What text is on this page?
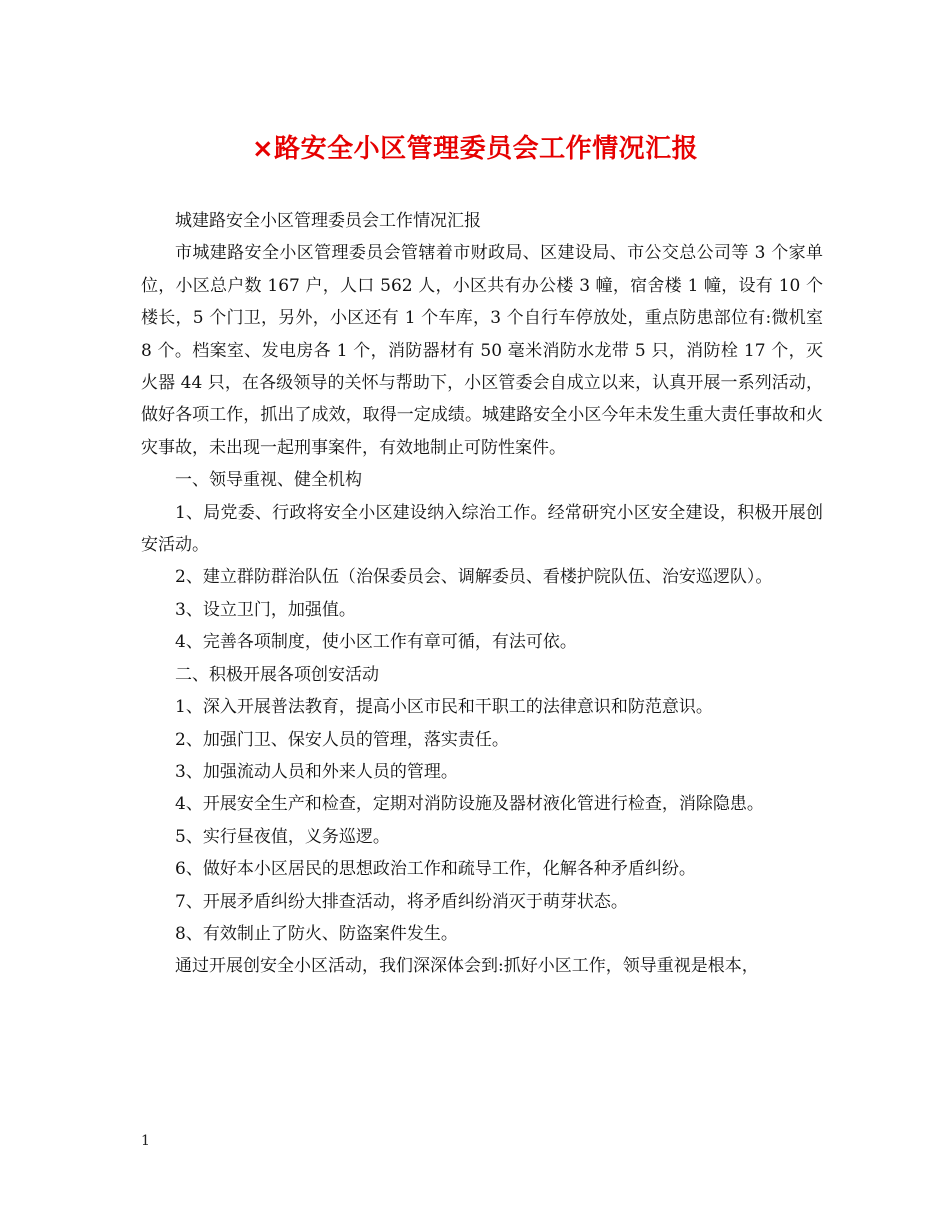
×路安全小区管理委员会工作情况汇报

城建路安全小区管理委员会工作情况汇报

市城建路安全小区管理委员会管辖着市财政局、区建设局、市公交总公司等 3 个家单位，小区总户数 167 户，人口 562 人，小区共有办公楼 3 幢，宿舍楼 1 幢，设有 10 个楼长，5 个门卫，另外，小区还有 1 个车库，3 个自行车停放处，重点防患部位有:微机室 8 个。档案室、发电房各 1 个，消防器材有 50 毫米消防水龙带 5 只，消防栓 17 个，灭火器 44 只，在各级领导的关怀与帮助下，小区管委会自成立以来，认真开展一系列活动，做好各项工作，抓出了成效，取得一定成绩。城建路安全小区今年未发生重大责任事故和火灾事故，未出现一起刑事案件，有效地制止可防性案件。

一、领导重视、健全机构

1、局党委、行政将安全小区建设纳入综治工作。经常研究小区安全建设，积极开展创安活动。

2、建立群防群治队伍（治保委员会、调解委员、看楼护院队伍、治安巡逻队）。

3、设立卫门，加强值。

4、完善各项制度，使小区工作有章可循，有法可依。

二、积极开展各项创安活动

1、深入开展普法教育，提高小区市民和干职工的法律意识和防范意识。

2、加强门卫、保安人员的管理，落实责任。

3、加强流动人员和外来人员的管理。

4、开展安全生产和检查，定期对消防设施及器材液化管进行检查，消除隐患。

5、实行昼夜值，义务巡逻。

6、做好本小区居民的思想政治工作和疏导工作，化解各种矛盾纠纷。

7、开展矛盾纠纷大排查活动，将矛盾纠纷消灭于萌芽状态。

8、有效制止了防火、防盗案件发生。

通过开展创安全小区活动，我们深深体会到:抓好小区工作，领导重视是根本，

1
